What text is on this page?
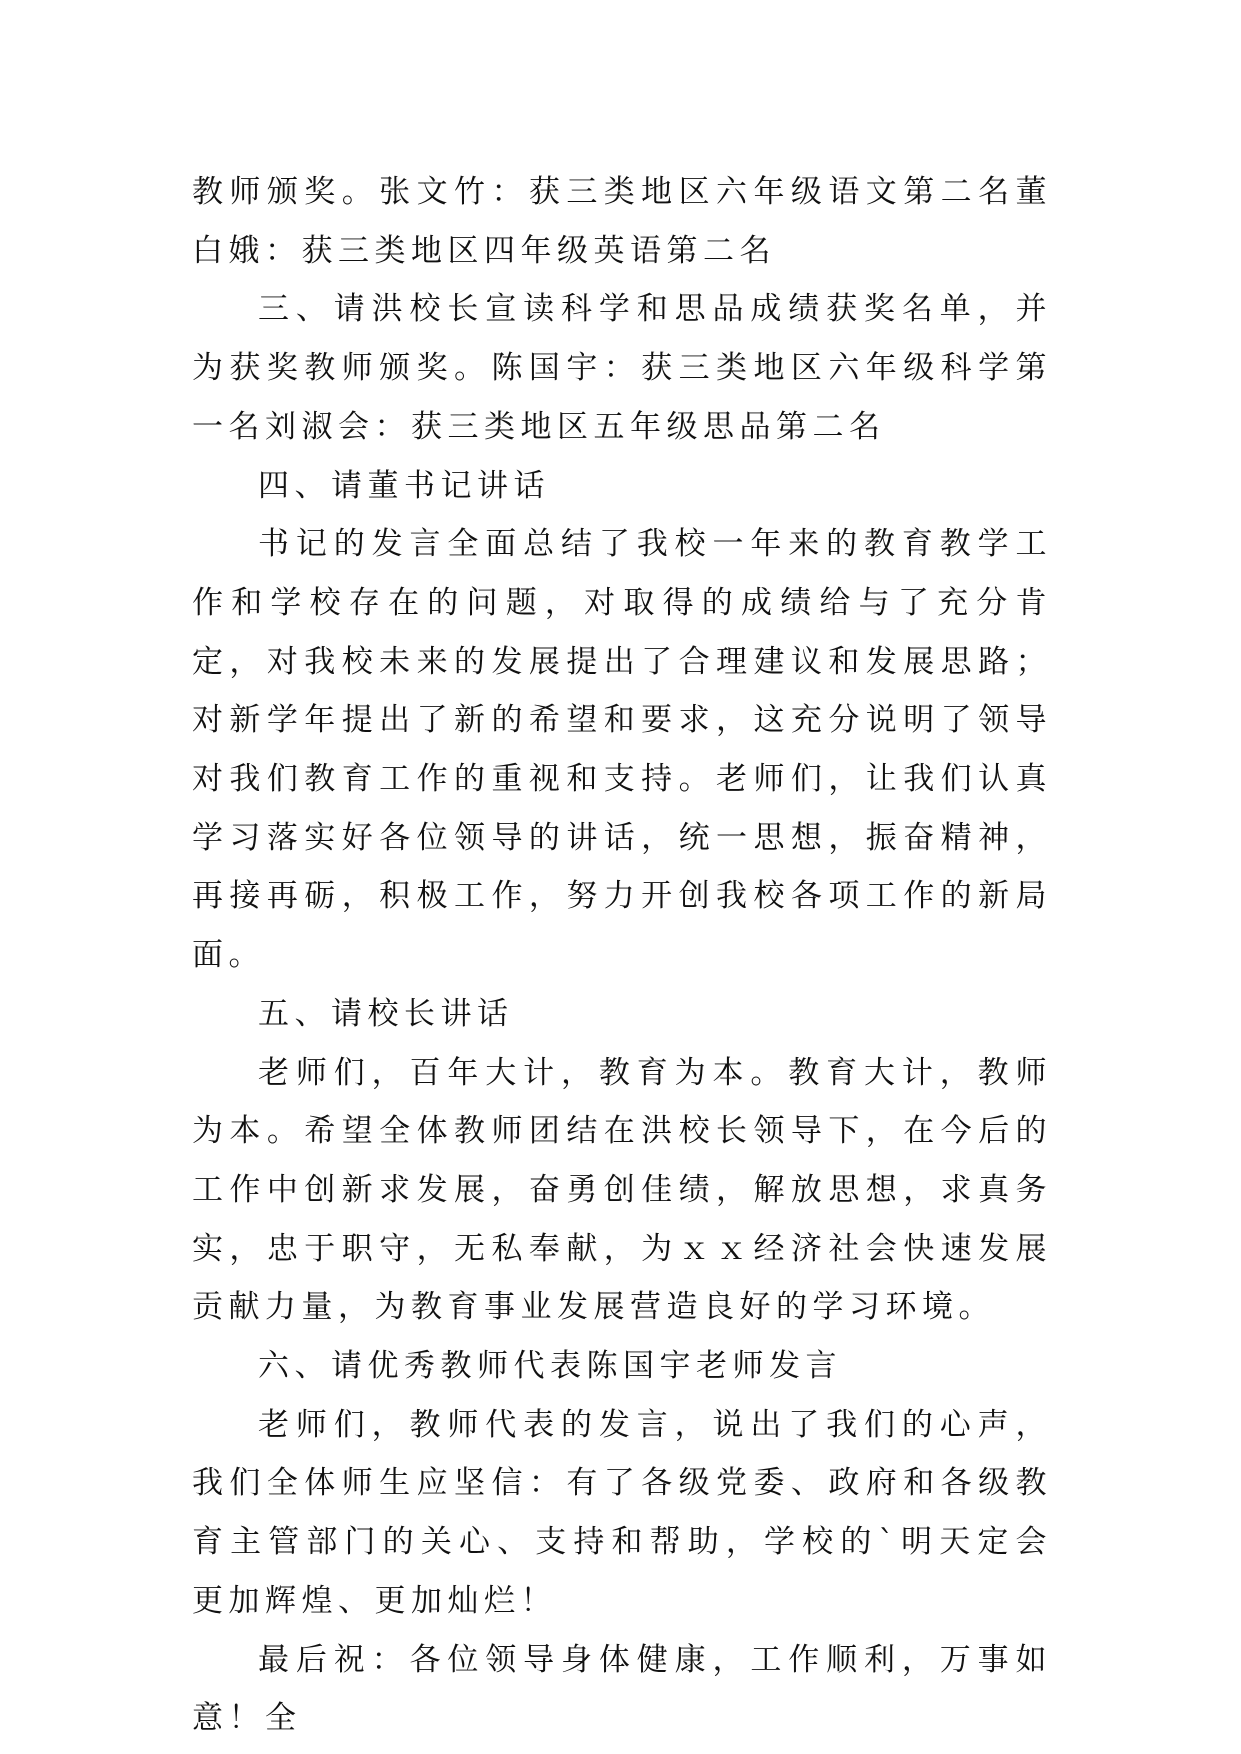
教师颁奖。张文竹：获三类地区六年级语文第二名董白娥：获三类地区四年级英语第二名

三、请洪校长宣读科学和思品成绩获奖名单，并为获奖教师颁奖。陈国宇：获三类地区六年级科学第一名刘淑会：获三类地区五年级思品第二名

四、请董书记讲话

书记的发言全面总结了我校一年来的教育教学工作和学校存在的问题，对取得的成绩给与了充分肯定，对我校未来的发展提出了合理建议和发展思路；对新学年提出了新的希望和要求，这充分说明了领导对我们教育工作的重视和支持。老师们，让我们认真学习落实好各位领导的讲话，统一思想，振奋精神，再接再砺，积极工作，努力开创我校各项工作的新局面。

五、请校长讲话

老师们，百年大计，教育为本。教育大计，教师为本。希望全体教师团结在洪校长领导下，在今后的工作中创新求发展，奋勇创佳绩，解放思想，求真务实，忠于职守，无私奉献，为ｘｘ经济社会快速发展贡献力量，为教育事业发展营造良好的学习环境。

六、请优秀教师代表陈国宇老师发言

老师们，教师代表的发言，说出了我们的心声，我们全体师生应坚信：有了各级党委、政府和各级教育主管部门的关心、支持和帮助，学校的`明天定会更加辉煌、更加灿烂！

最后祝：各位领导身体健康，工作顺利，万事如意！全
